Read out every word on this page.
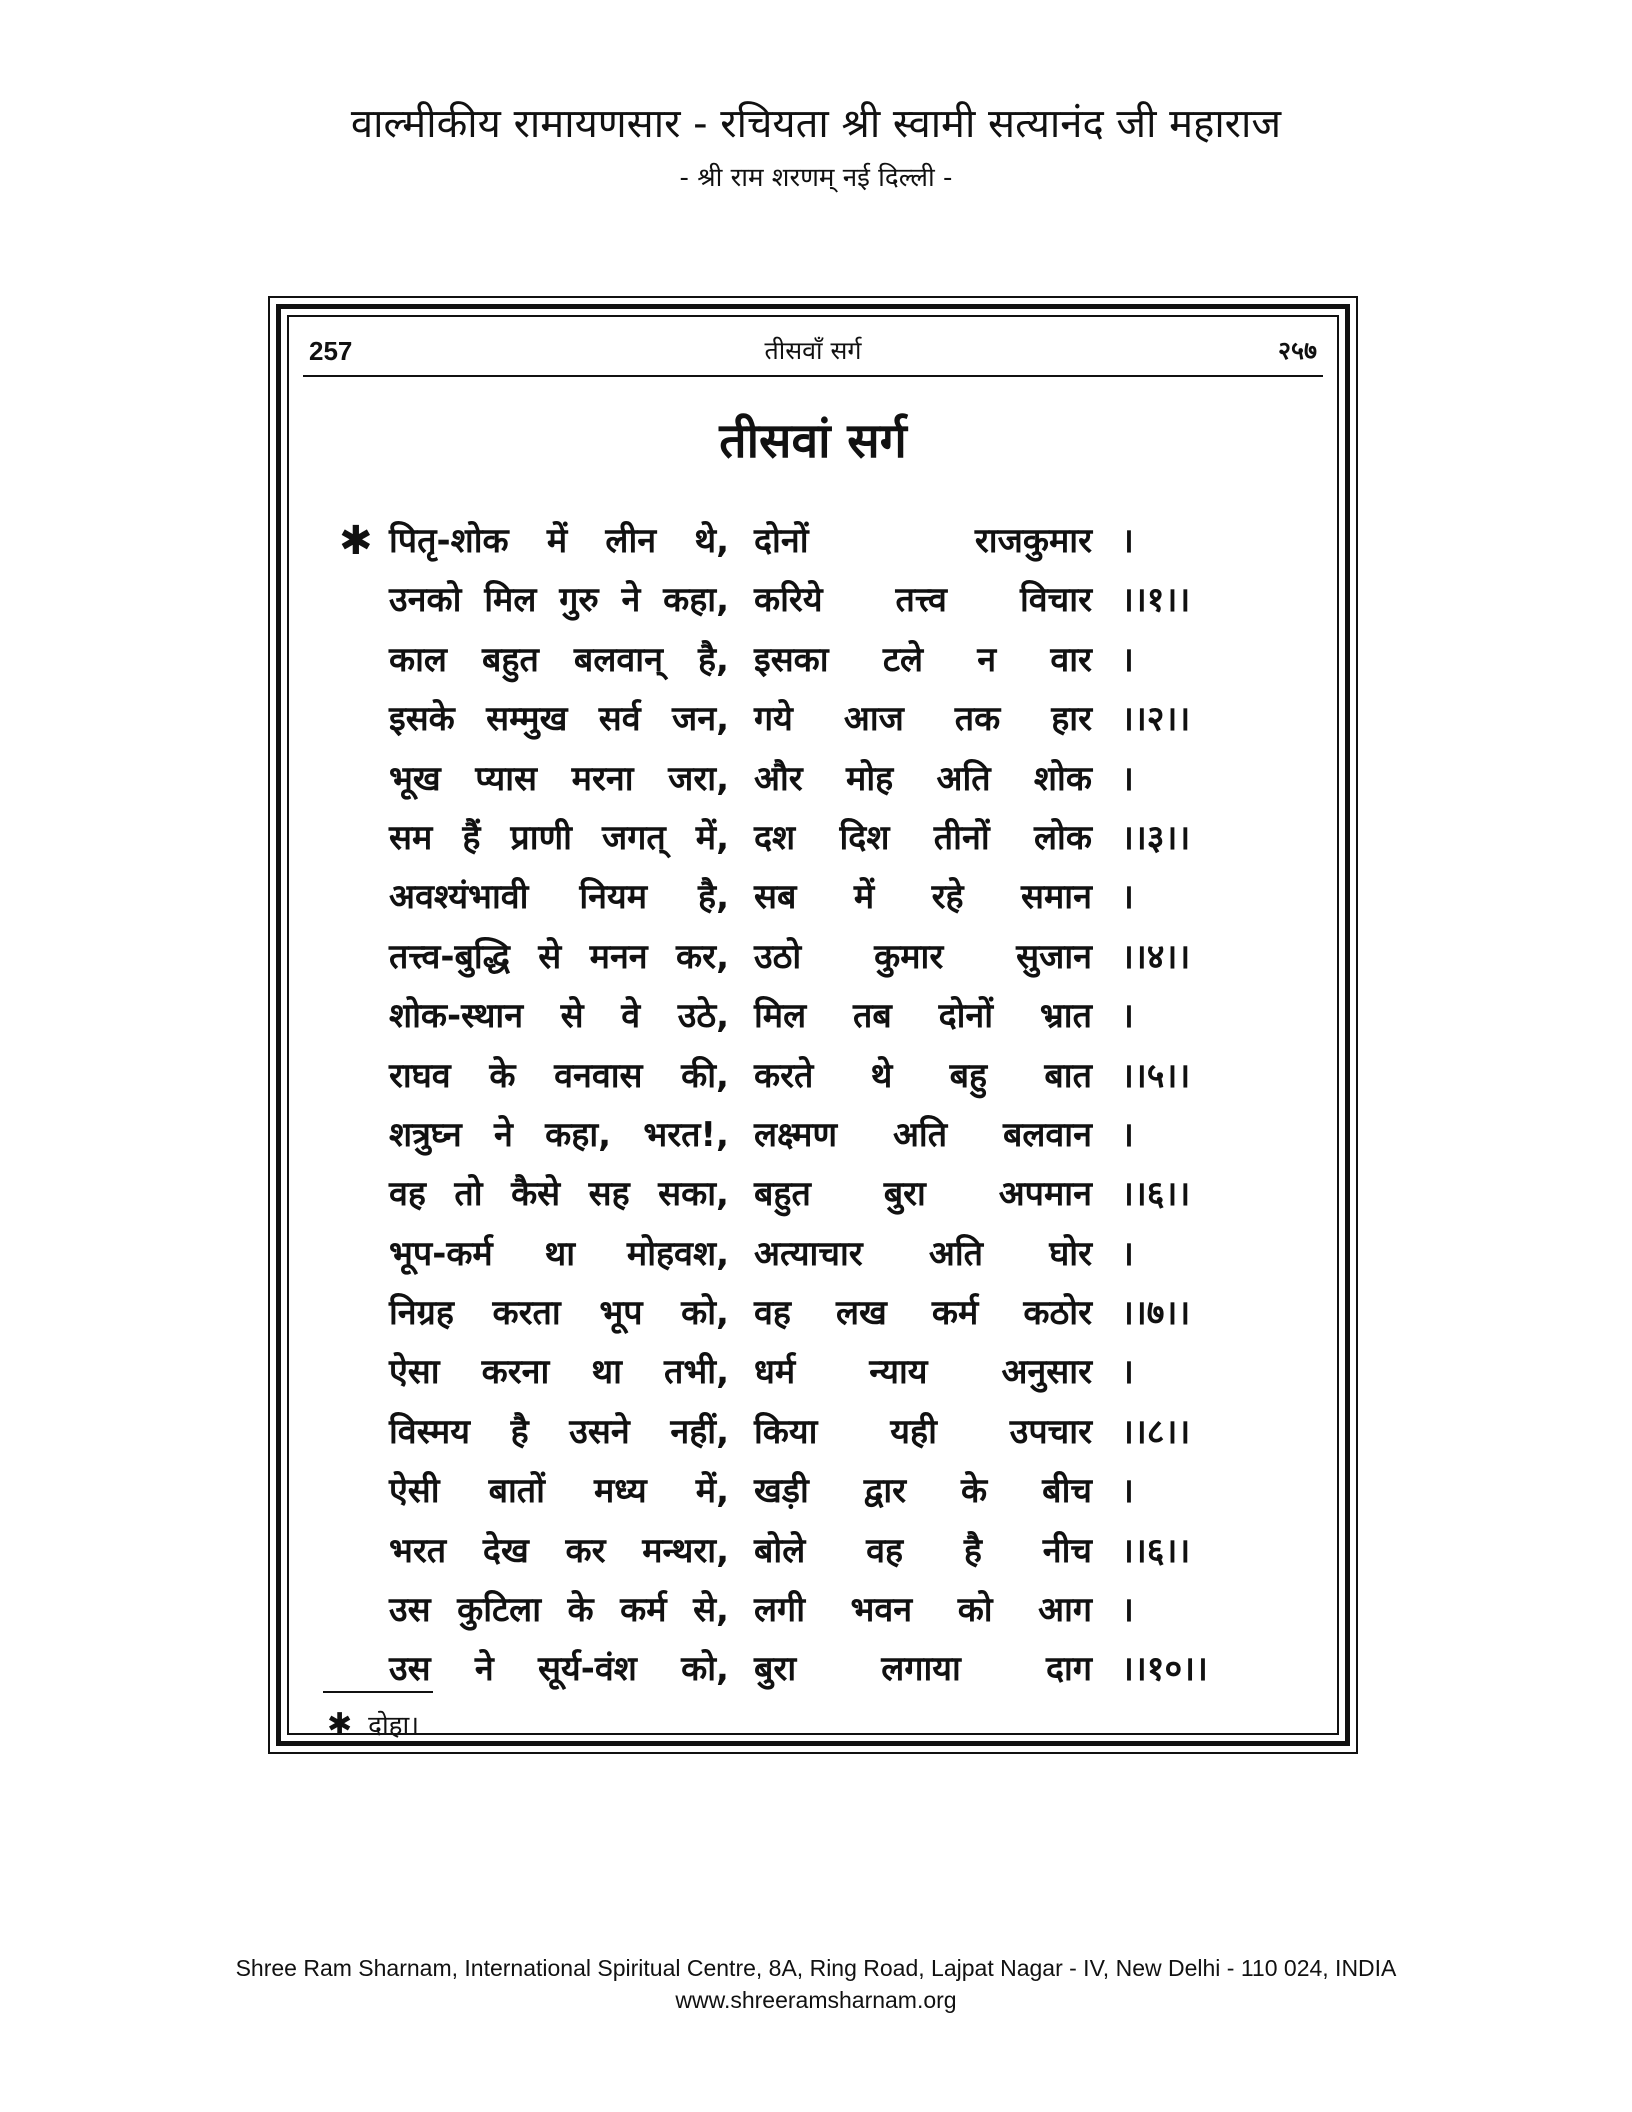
वाल्मीकीय रामायणसार - रचियता श्री स्वामी सत्यानंद जी महाराज
- श्री राम शरणम् नई दिल्ली -
257	तीसवाँ सर्ग	२५७
तीसवां सर्ग
✱ पितृ-शोक में लीन थे, दोनों	राजकुमार ।
उनको मिल गुरु ने कहा, करिये तत्त्व विचार ।।१।।
काल बहुत बलवान् है, इसका टले न वार ।
इसके सम्मुख सर्व जन, गये आज तक हार ।।२।।
भूख प्यास मरना जरा, और मोह अति शोक ।
सम हैं प्राणी जगत् में, दश दिश तीनों लोक ।।३।।
अवश्यंभावी नियम है, सब में रहे समान ।
तत्त्व-बुद्धि से मनन कर, उठो कुमार सुजान ।।४।।
शोक-स्थान से वे उठे, मिल तब दोनों भ्रात ।
राघव के वनवास की, करते थे बहु बात ।।५।।
शत्रुघ्न ने कहा, भरत!, लक्ष्मण अति बलवान ।
वह तो कैसे सह सका, बहुत बुरा अपमान ।।६।।
भूप-कर्म था मोहवश, अत्याचार अति घोर ।
निग्रह करता भूप को, वह लख कर्म कठोर ।।७।।
ऐसा करना था तभी, धर्म न्याय अनुसार ।
विस्मय है उसने नहीं, किया यही उपचार ।।८।।
ऐसी बातों मध्य में, खड़ी द्वार के बीच ।
भरत देख कर मन्थरा, बोले वह है नीच ।।६।।
उस कुटिला के कर्म से, लगी भवन को आग ।
उस ने सूर्य-वंश को, बुरा	लगाया	दाग ।।१०।।
✱ दोहा।
Shree Ram Sharnam, International Spiritual Centre, 8A, Ring Road, Lajpat Nagar - IV, New Delhi - 110 024, INDIA
www.shreeramsharnam.org
